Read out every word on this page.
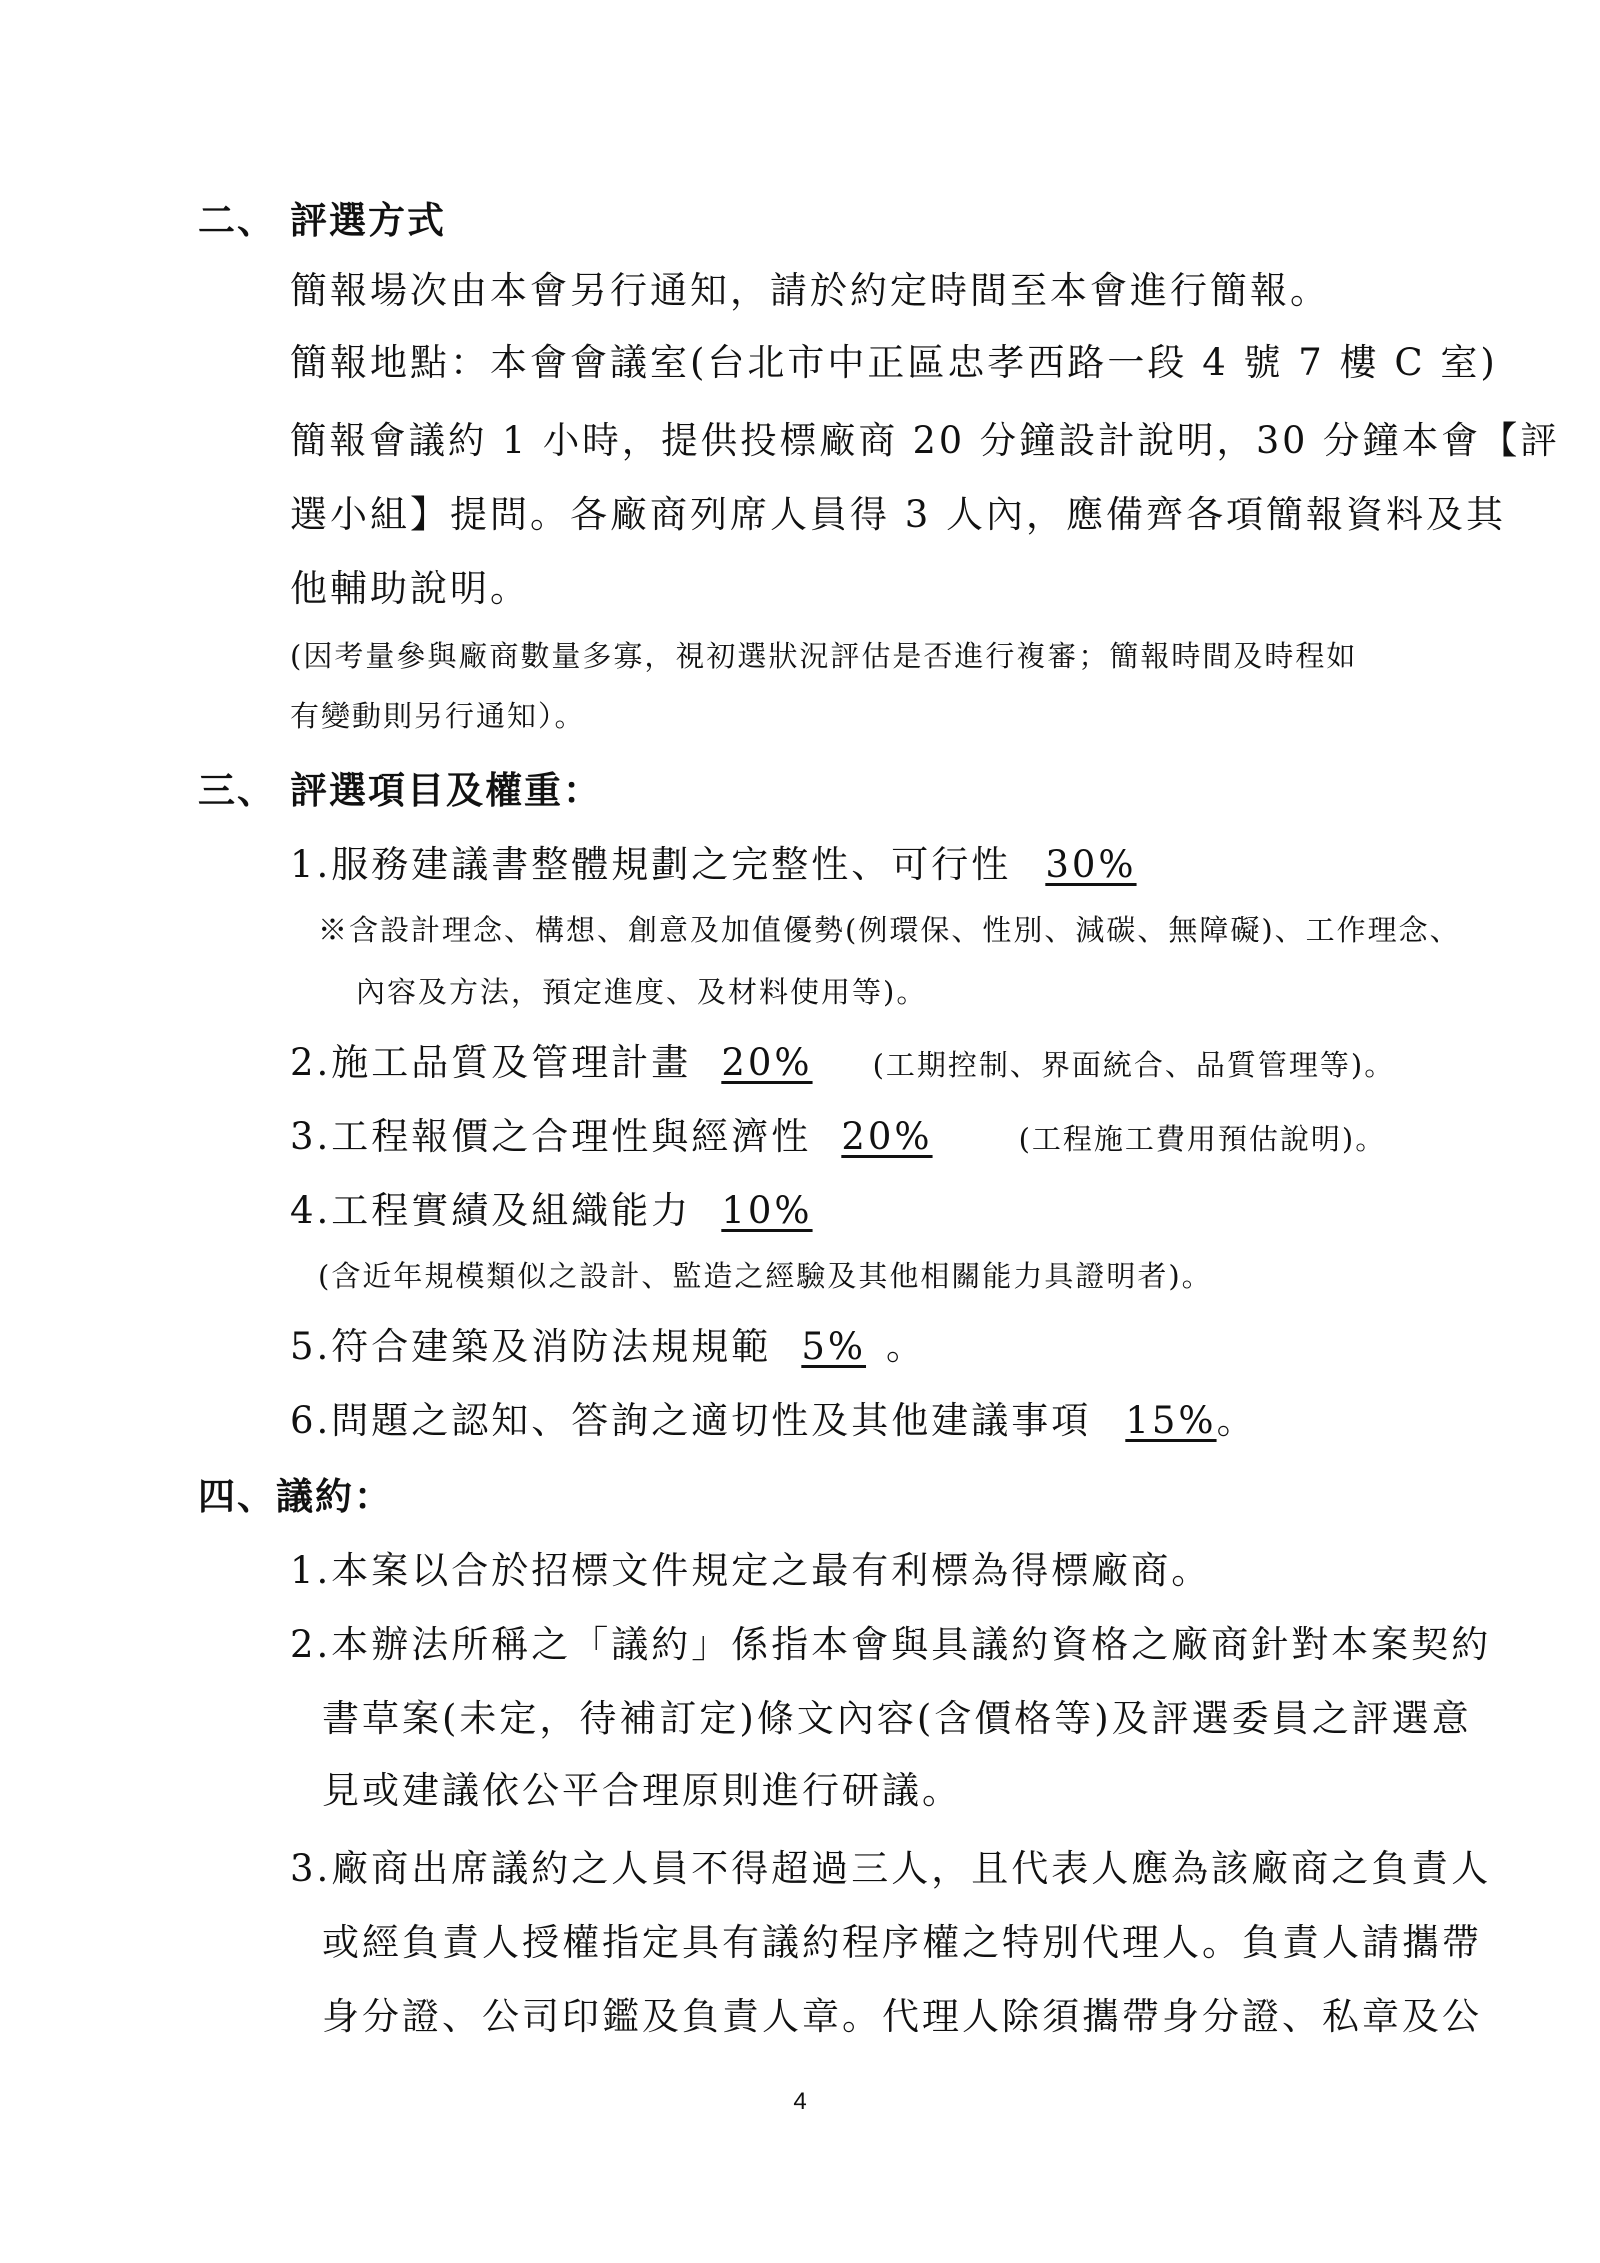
二、 評選方式
簡報場次由本會另行通知，請於約定時間至本會進行簡報。
簡報地點：本會會議室(台北市中正區忠孝西路一段 4 號 7 樓 C 室)
簡報會議約 1 小時，提供投標廠商 20 分鐘設計說明，30 分鐘本會【評
選小組】提問。各廠商列席人員得 3 人內，應備齊各項簡報資料及其
他輔助說明。
(因考量參與廠商數量多寡，視初選狀況評估是否進行複審；簡報時間及時程如
有變動則另行通知）。
三、 評選項目及權重：
1.服務建議書整體規劃之完整性、可行性 30%
※含設計理念、構想、創意及加值優勢(例環保、性別、減碳、無障礙)、工作理念、
內容及方法，預定進度、及材料使用等)。
2.施工品質及管理計畫 20% (工期控制、界面統合、品質管理等)。
3.工程報價之合理性與經濟性 20%	(工程施工費用預估說明)。
4.工程實績及組織能力 10%
(含近年規模類似之設計、監造之經驗及其他相關能力具證明者)。
5.符合建築及消防法規規範 5% 。
6.問題之認知、答詢之適切性及其他建議事項 15%。
四、議約：
1.本案以合於招標文件規定之最有利標為得標廠商。
2.本辦法所稱之「議約」係指本會與具議約資格之廠商針對本案契約
書草案(未定，待補訂定)條文內容(含價格等)及評選委員之評選意
見或建議依公平合理原則進行研議。
3.廠商出席議約之人員不得超過三人，且代表人應為該廠商之負責人
或經負責人授權指定具有議約程序權之特別代理人。負責人請攜帶
身分證、公司印鑑及負責人章。代理人除須攜帶身分證、私章及公
4
